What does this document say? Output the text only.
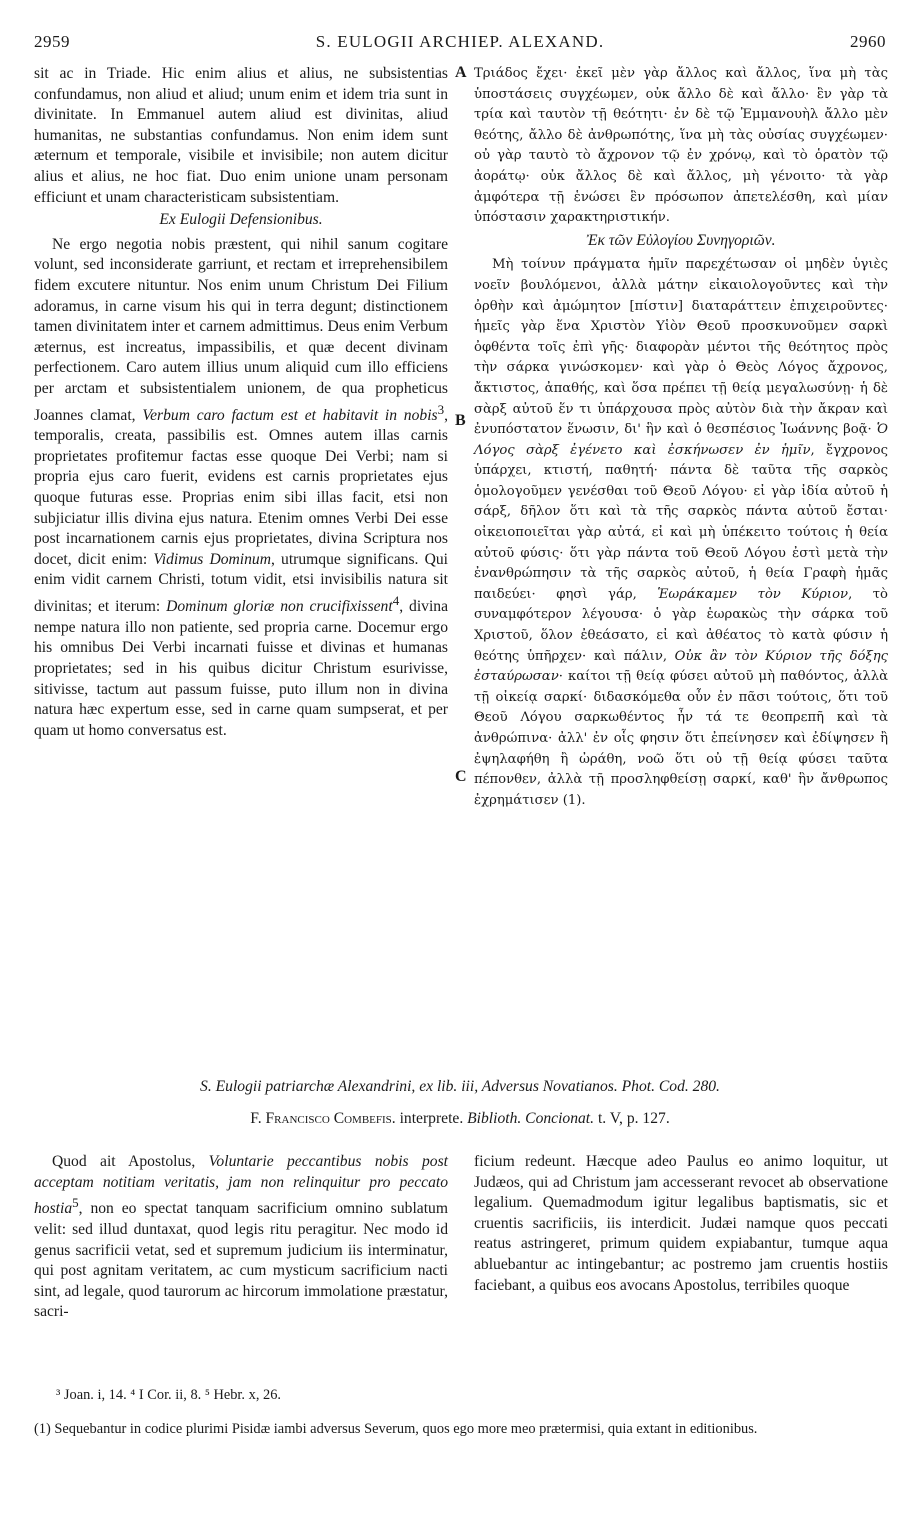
2959	S. EULOGII ARCHIEP. ALEXAND.	2960

sit ac in Triade. Hic enim alius et alius, ne subsistentias confundamus, non aliud et aliud; unum enim et idem tria sunt in divinitate. In Emmanuel autem aliud est divinitas, aliud humanitas, ne substantias confundamus. Non enim idem sunt æternum et temporale, visibile et invisibile; non autem dicitur alius et alius, ne hoc fiat. Duo enim unione unam personam efficiunt et unam characteristicam subsistentiam.

Ex Eulogii Defensionibus.

Ne ergo negotia nobis præstent, qui nihil sanum cogitare volunt, sed inconsiderate garriunt, et rectam et irreprehensibilem fidem excutere nituntur. Nos enim unum Christum Dei Filium adoramus, in carne visum his qui in terra degunt; distinctionem tamen divinitatem inter et carnem admittimus. Deus enim Verbum æternus, est increatus, impassibilis, et quæ decent divinam perfectionem. Caro autem illius unum aliquid cum illo efficiens per arctam et subsistentialem unionem, de qua propheticus Joannes clamat, Verbum caro factum est et habitavit in nobis$^3$, temporalis, creata, passibilis est. Omnes autem illas carnis proprietates profitemur factas esse quoque Dei Verbi; nam si propria ejus caro fuerit, evidens est carnis proprietates ejus quoque futuras esse. Proprias enim sibi illas facit, etsi non subjiciatur illis divina ejus natura. Etenim omnes Verbi Dei esse post incarnationem carnis ejus proprietates, divina Scriptura nos docet, dicit enim: Vidimus Dominum, utrumque significans. Qui enim vidit carnem Christi, totum vidit, etsi invisibilis natura sit divinitas; et iterum: Dominum gloriæ non crucifixissent$^4$, divina nempe natura illo non patiente, sed propria carne. Docemur ergo his omnibus Dei Verbi incarnati fuisse et divinas et humanas proprietates; sed in his quibus dicitur Christum esurivisse, sitivisse, tactum aut passum fuisse, puto illum non in divina natura hæc expertum esse, sed in carne quam sumpserat, et per quam ut homo conversatus est.

A
B
C

Τριάδος ἔχει· ἐκεῖ μὲν γὰρ ἄλλος καὶ ἄλλος, ἵνα μὴ τὰς ὑποστάσεις συγχέωμεν, οὐκ ἄλλο δὲ καὶ ἄλλο· ἓν γὰρ τὰ τρία καὶ ταυτὸν τῇ θεότητι· ἐν δὲ τῷ Ἐμμανουὴλ ἄλλο μὲν θεότης, ἄλλο δὲ ἀνθρωπότης, ἵνα μὴ τὰς οὐσίας συγχέωμεν· οὐ γὰρ ταυτὸ τὸ ἄχρονον τῷ ἐν χρόνῳ, καὶ τὸ ὁρατὸν τῷ ἀοράτῳ· οὐκ ἄλλος δὲ καὶ ἄλλος, μὴ γένοιτο· τὰ γὰρ ἀμφότερα τῇ ἑνώσει ἓν πρόσωπον ἀπετελέσθη, καὶ μίαν ὑπόστασιν χαρακτηριστικήν.

Ἐκ τῶν Εὐλογίου Συνηγοριῶν.

Μὴ τοίνυν πράγματα ἡμῖν παρεχέτωσαν οἱ μηδὲν ὑγιὲς νοεῖν βουλόμενοι, ἀλλὰ μάτην εἰκαιολογοῦντες καὶ τὴν ὀρθὴν καὶ ἀμώμητον [πίστιν] διαταράττειν ἐπιχειροῦντες· ἡμεῖς γὰρ ἕνα Χριστὸν Υἱὸν Θεοῦ προσκυνοῦμεν σαρκὶ ὀφθέντα τοῖς ἐπὶ γῆς· διαφορὰν μέντοι τῆς θεότητος πρὸς τὴν σάρκα γινώσκομεν· καὶ γὰρ ὁ Θεὸς Λόγος ἄχρονος, ἄκτιστος, ἀπαθής, καὶ ὅσα πρέπει τῇ θείᾳ μεγαλωσύνῃ· ἡ δὲ σὰρξ αὐτοῦ ἕν τι ὑπάρχουσα πρὸς αὐτὸν διὰ τὴν ἄκραν καὶ ἐνυπόστατον ἕνωσιν, δι' ἣν καὶ ὁ θεσπέσιος Ἰωάννης βοᾷ· Ὁ Λόγος σὰρξ ἐγένετο καὶ ἐσκήνωσεν ἐν ἡμῖν, ἔγχρονος ὑπάρχει, κτιστή, παθητή· πάντα δὲ ταῦτα τῆς σαρκὸς ὁμολογοῦμεν γενέσθαι τοῦ Θεοῦ Λόγου· εἰ γὰρ ἰδία αὐτοῦ ἡ σάρξ, δῆλον ὅτι καὶ τὰ τῆς σαρκὸς πάντα αὐτοῦ ἔσται· οἰκειοποιεῖται γὰρ αὐτά, εἰ καὶ μὴ ὑπέκειτο τούτοις ἡ θεία αὐτοῦ φύσις· ὅτι γὰρ πάντα τοῦ Θεοῦ Λόγου ἐστὶ μετὰ τὴν ἐνανθρώπησιν τὰ τῆς σαρκὸς αὐτοῦ, ἡ θεία Γραφὴ ἡμᾶς παιδεύει· φησὶ γάρ, Ἑωράκαμεν τὸν Κύριον, τὸ συναμφότερον λέγουσα· ὁ γὰρ ἑωρακὼς τὴν σάρκα τοῦ Χριστοῦ, ὅλον ἐθεάσατο, εἰ καὶ ἀθέατος τὸ κατὰ φύσιν ἡ θεότης ὑπῆρχεν· καὶ πάλιν, Οὐκ ἂν τὸν Κύριον τῆς δόξης ἐσταύρωσαν· καίτοι τῇ θείᾳ φύσει αὐτοῦ μὴ παθόντος, ἀλλὰ τῇ οἰκείᾳ σαρκί· διδασκόμεθα οὖν ἐν πᾶσι τούτοις, ὅτι τοῦ Θεοῦ Λόγου σαρκωθέντος ἦν τά τε θεοπρεπῆ καὶ τὰ ἀνθρώπινα· ἀλλ' ἐν οἷς φησιν ὅτι ἐπείνησεν καὶ ἐδίψησεν ἢ ἐψηλαφήθη ἢ ὠράθη, νοῶ ὅτι οὐ τῇ θείᾳ φύσει ταῦτα πέπονθεν, ἀλλὰ τῇ προσληφθείσῃ σαρκί, καθ' ἣν ἄνθρωπος ἐχρημάτισεν (1).

S. Eulogii patriarchæ Alexandrini, ex lib. iii, Adversus Novatianos. Phot. Cod. 280.
F. Francisco Combefis. interprete. Biblioth. Concionat. t. V, p. 127.

Quod ait Apostolus, Voluntarie peccantibus nobis post acceptam notitiam veritatis, jam non relinquitur pro peccato hostia$^5$, non eo spectat tanquam sacrificium omnino sublatum velit: sed illud duntaxat, quod legis ritu peragitur. Nec modo id genus sacrificii vetat, sed et supremum judicium iis interminatur, qui post agnitam veritatem, ac cum mysticum sacrificium nacti sint, ad legale, quod taurorum ac hircorum immolatione præstatur, sacri-

ficium redeunt. Hæcque adeo Paulus eo animo loquitur, ut Judæos, qui ad Christum jam accesserant revocet ab observatione legalium. Quemadmodum igitur legalibus baptismatis, sic et cruentis sacrificiis, iis interdicit. Judæi namque quos peccati reatus astringeret, primum quidem expiabantur, tumque aqua abluebantur ac intingebantur; ac postremo jam cruentis hostiis faciebant, a quibus eos avocans Apostolus, terribiles quoque

³ Joan. i, 14. ⁴ I Cor. ii, 8. ⁵ Hebr. x, 26.

(1) Sequebantur in codice plurimi Pisidæ iambi adversus Severum, quos ego more meo prætermisi, quia extant in editionibus.
